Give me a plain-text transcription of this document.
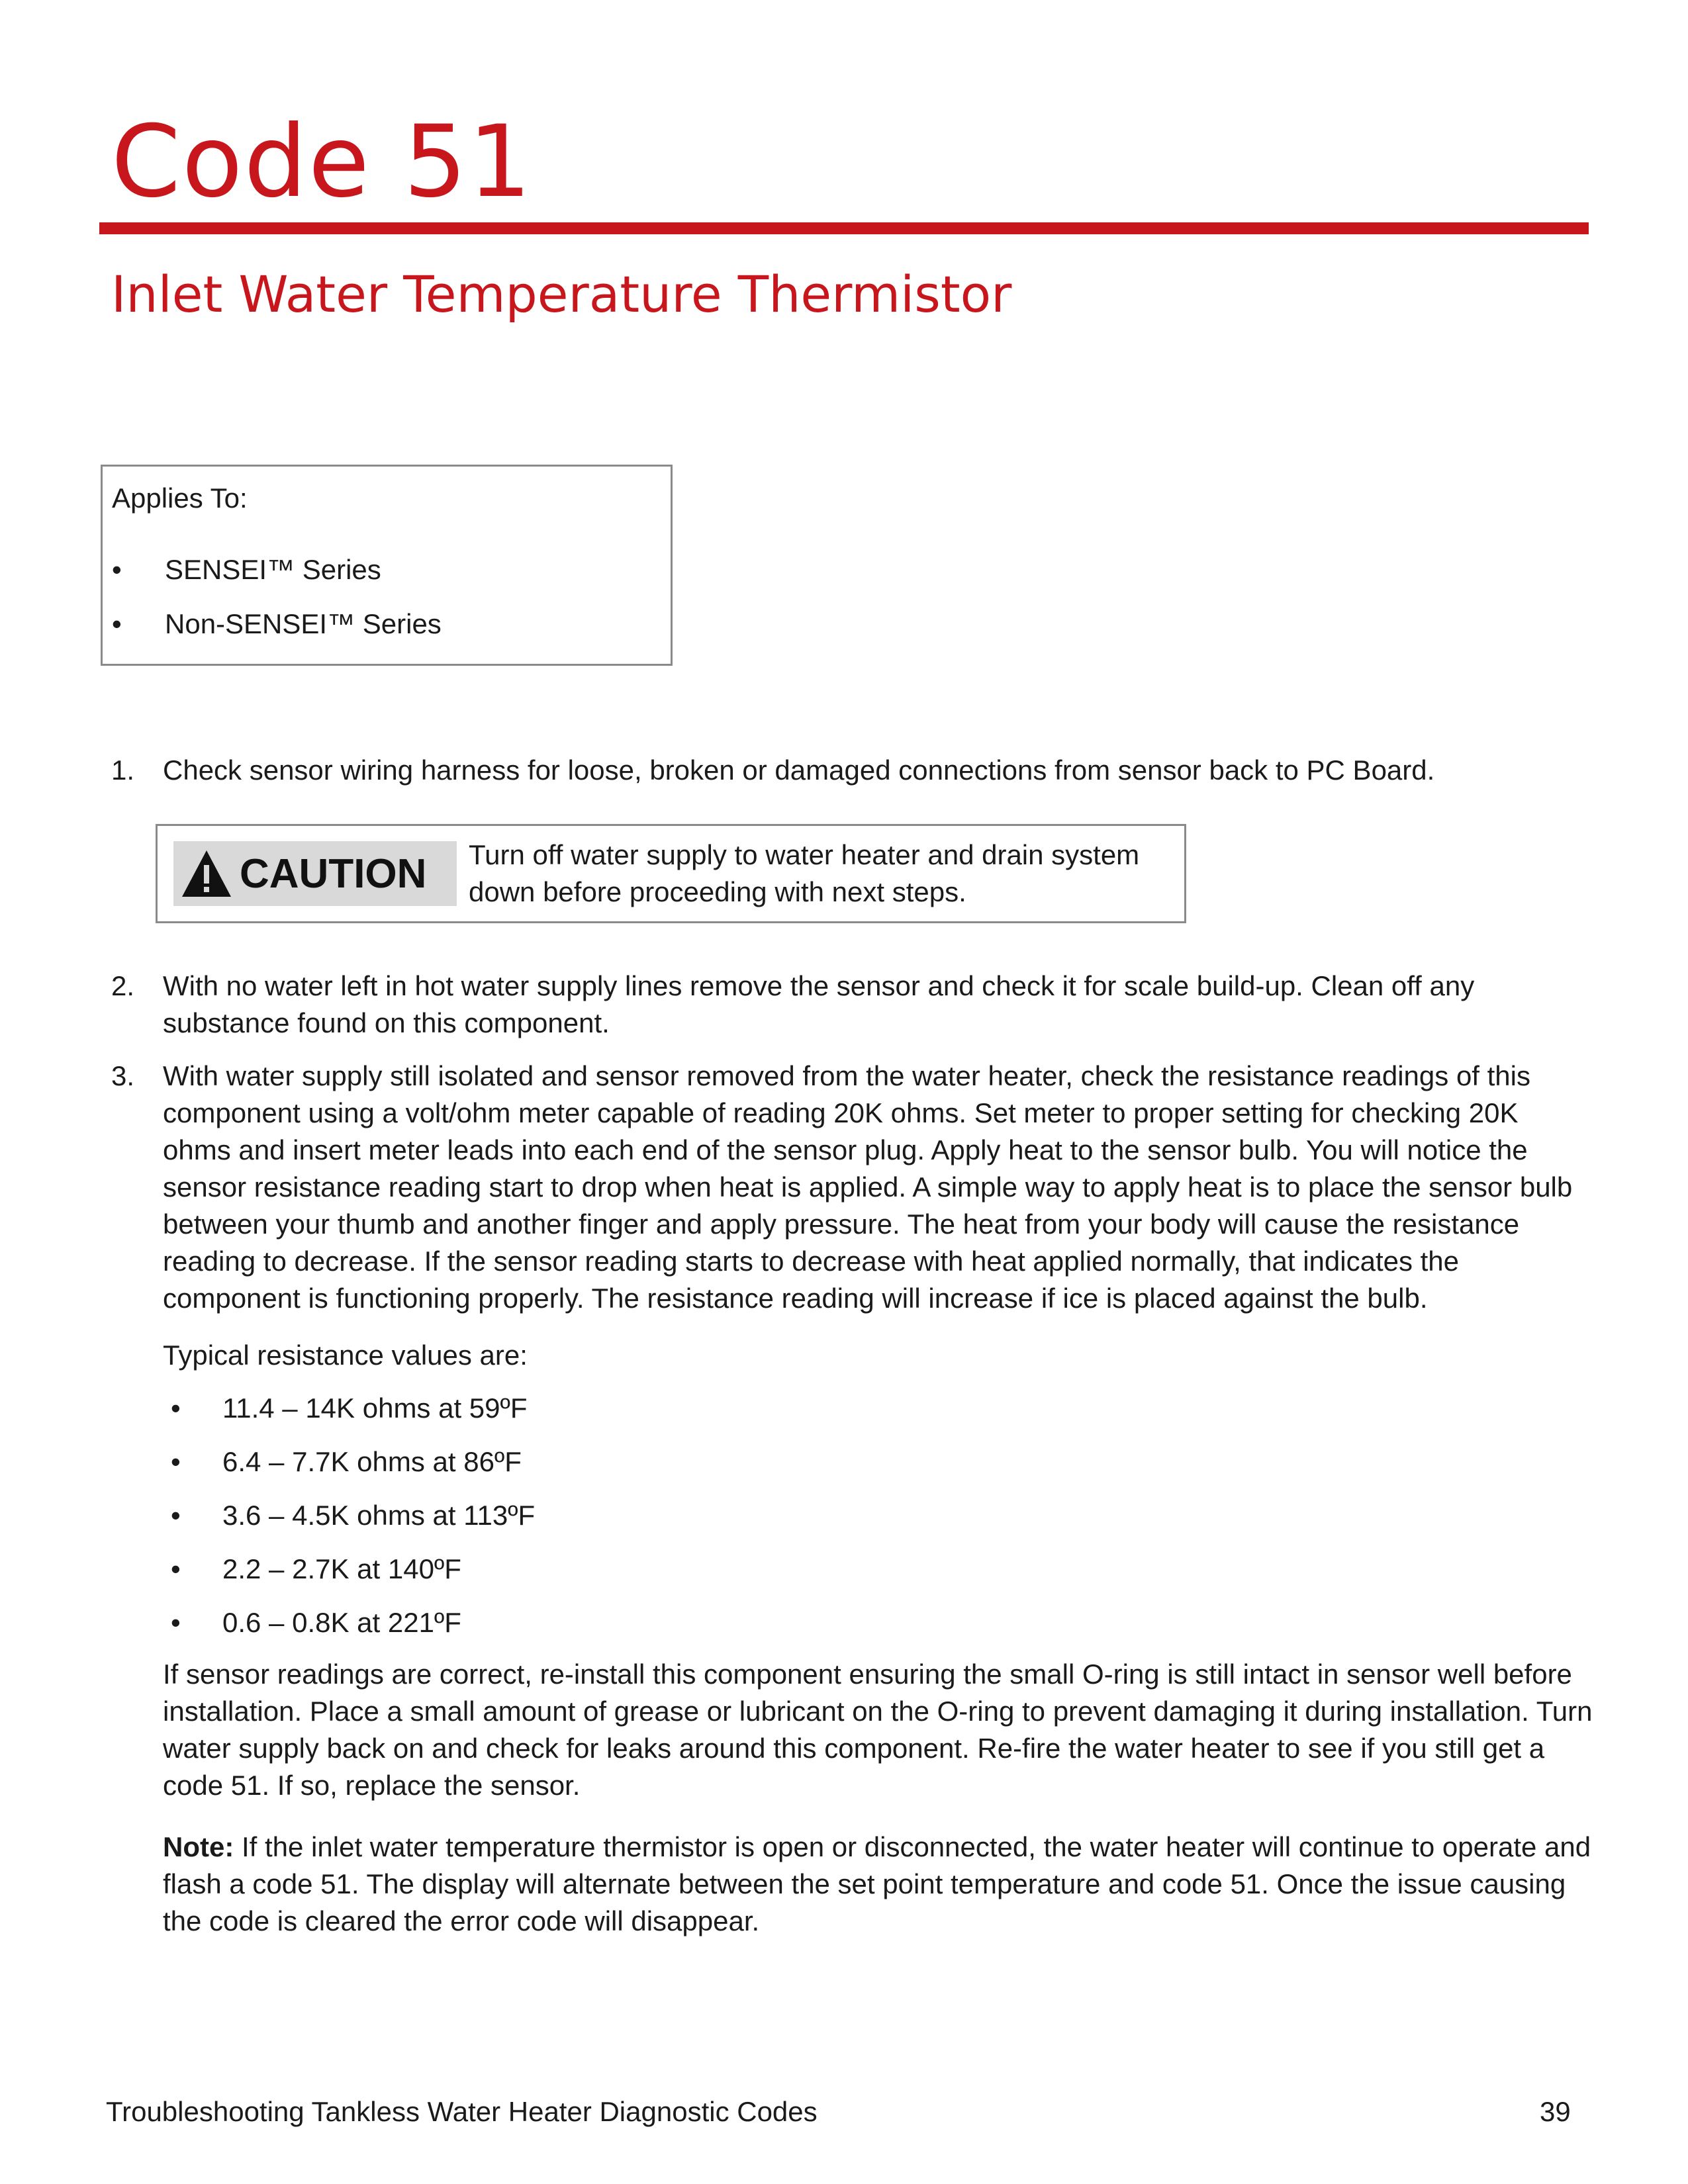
Code 51
Inlet Water Temperature Thermistor
Applies To:
• SENSEI™ Series
• Non-SENSEI™ Series
1. Check sensor wiring harness for loose, broken or damaged connections from sensor back to PC Board.
CAUTION Turn off water supply to water heater and drain system down before proceeding with next steps.
2. With no water left in hot water supply lines remove the sensor and check it for scale build-up. Clean off any substance found on this component.
3. With water supply still isolated and sensor removed from the water heater, check the resistance readings of this component using a volt/ohm meter capable of reading 20K ohms. Set meter to proper setting for checking 20K ohms and insert meter leads into each end of the sensor plug. Apply heat to the sensor bulb. You will notice the sensor resistance reading start to drop when heat is applied. A simple way to apply heat is to place the sensor bulb between your thumb and another finger and apply pressure. The heat from your body will cause the resistance reading to decrease. If the sensor reading starts to decrease with heat applied normally, that indicates the component is functioning properly. The resistance reading will increase if ice is placed against the bulb.
Typical resistance values are:
• 11.4 – 14K ohms at 59ºF
• 6.4 – 7.7K ohms at 86ºF
• 3.6 – 4.5K ohms at 113ºF
• 2.2 – 2.7K at 140ºF
• 0.6 – 0.8K at 221ºF
If sensor readings are correct, re-install this component ensuring the small O-ring is still intact in sensor well before installation. Place a small amount of grease or lubricant on the O-ring to prevent damaging it during installation. Turn water supply back on and check for leaks around this component. Re-fire the water heater to see if you still get a code 51. If so, replace the sensor.
Note: If the inlet water temperature thermistor is open or disconnected, the water heater will continue to operate and flash a code 51. The display will alternate between the set point temperature and code 51. Once the issue causing the code is cleared the error code will disappear.
Troubleshooting Tankless Water Heater Diagnostic Codes	39
